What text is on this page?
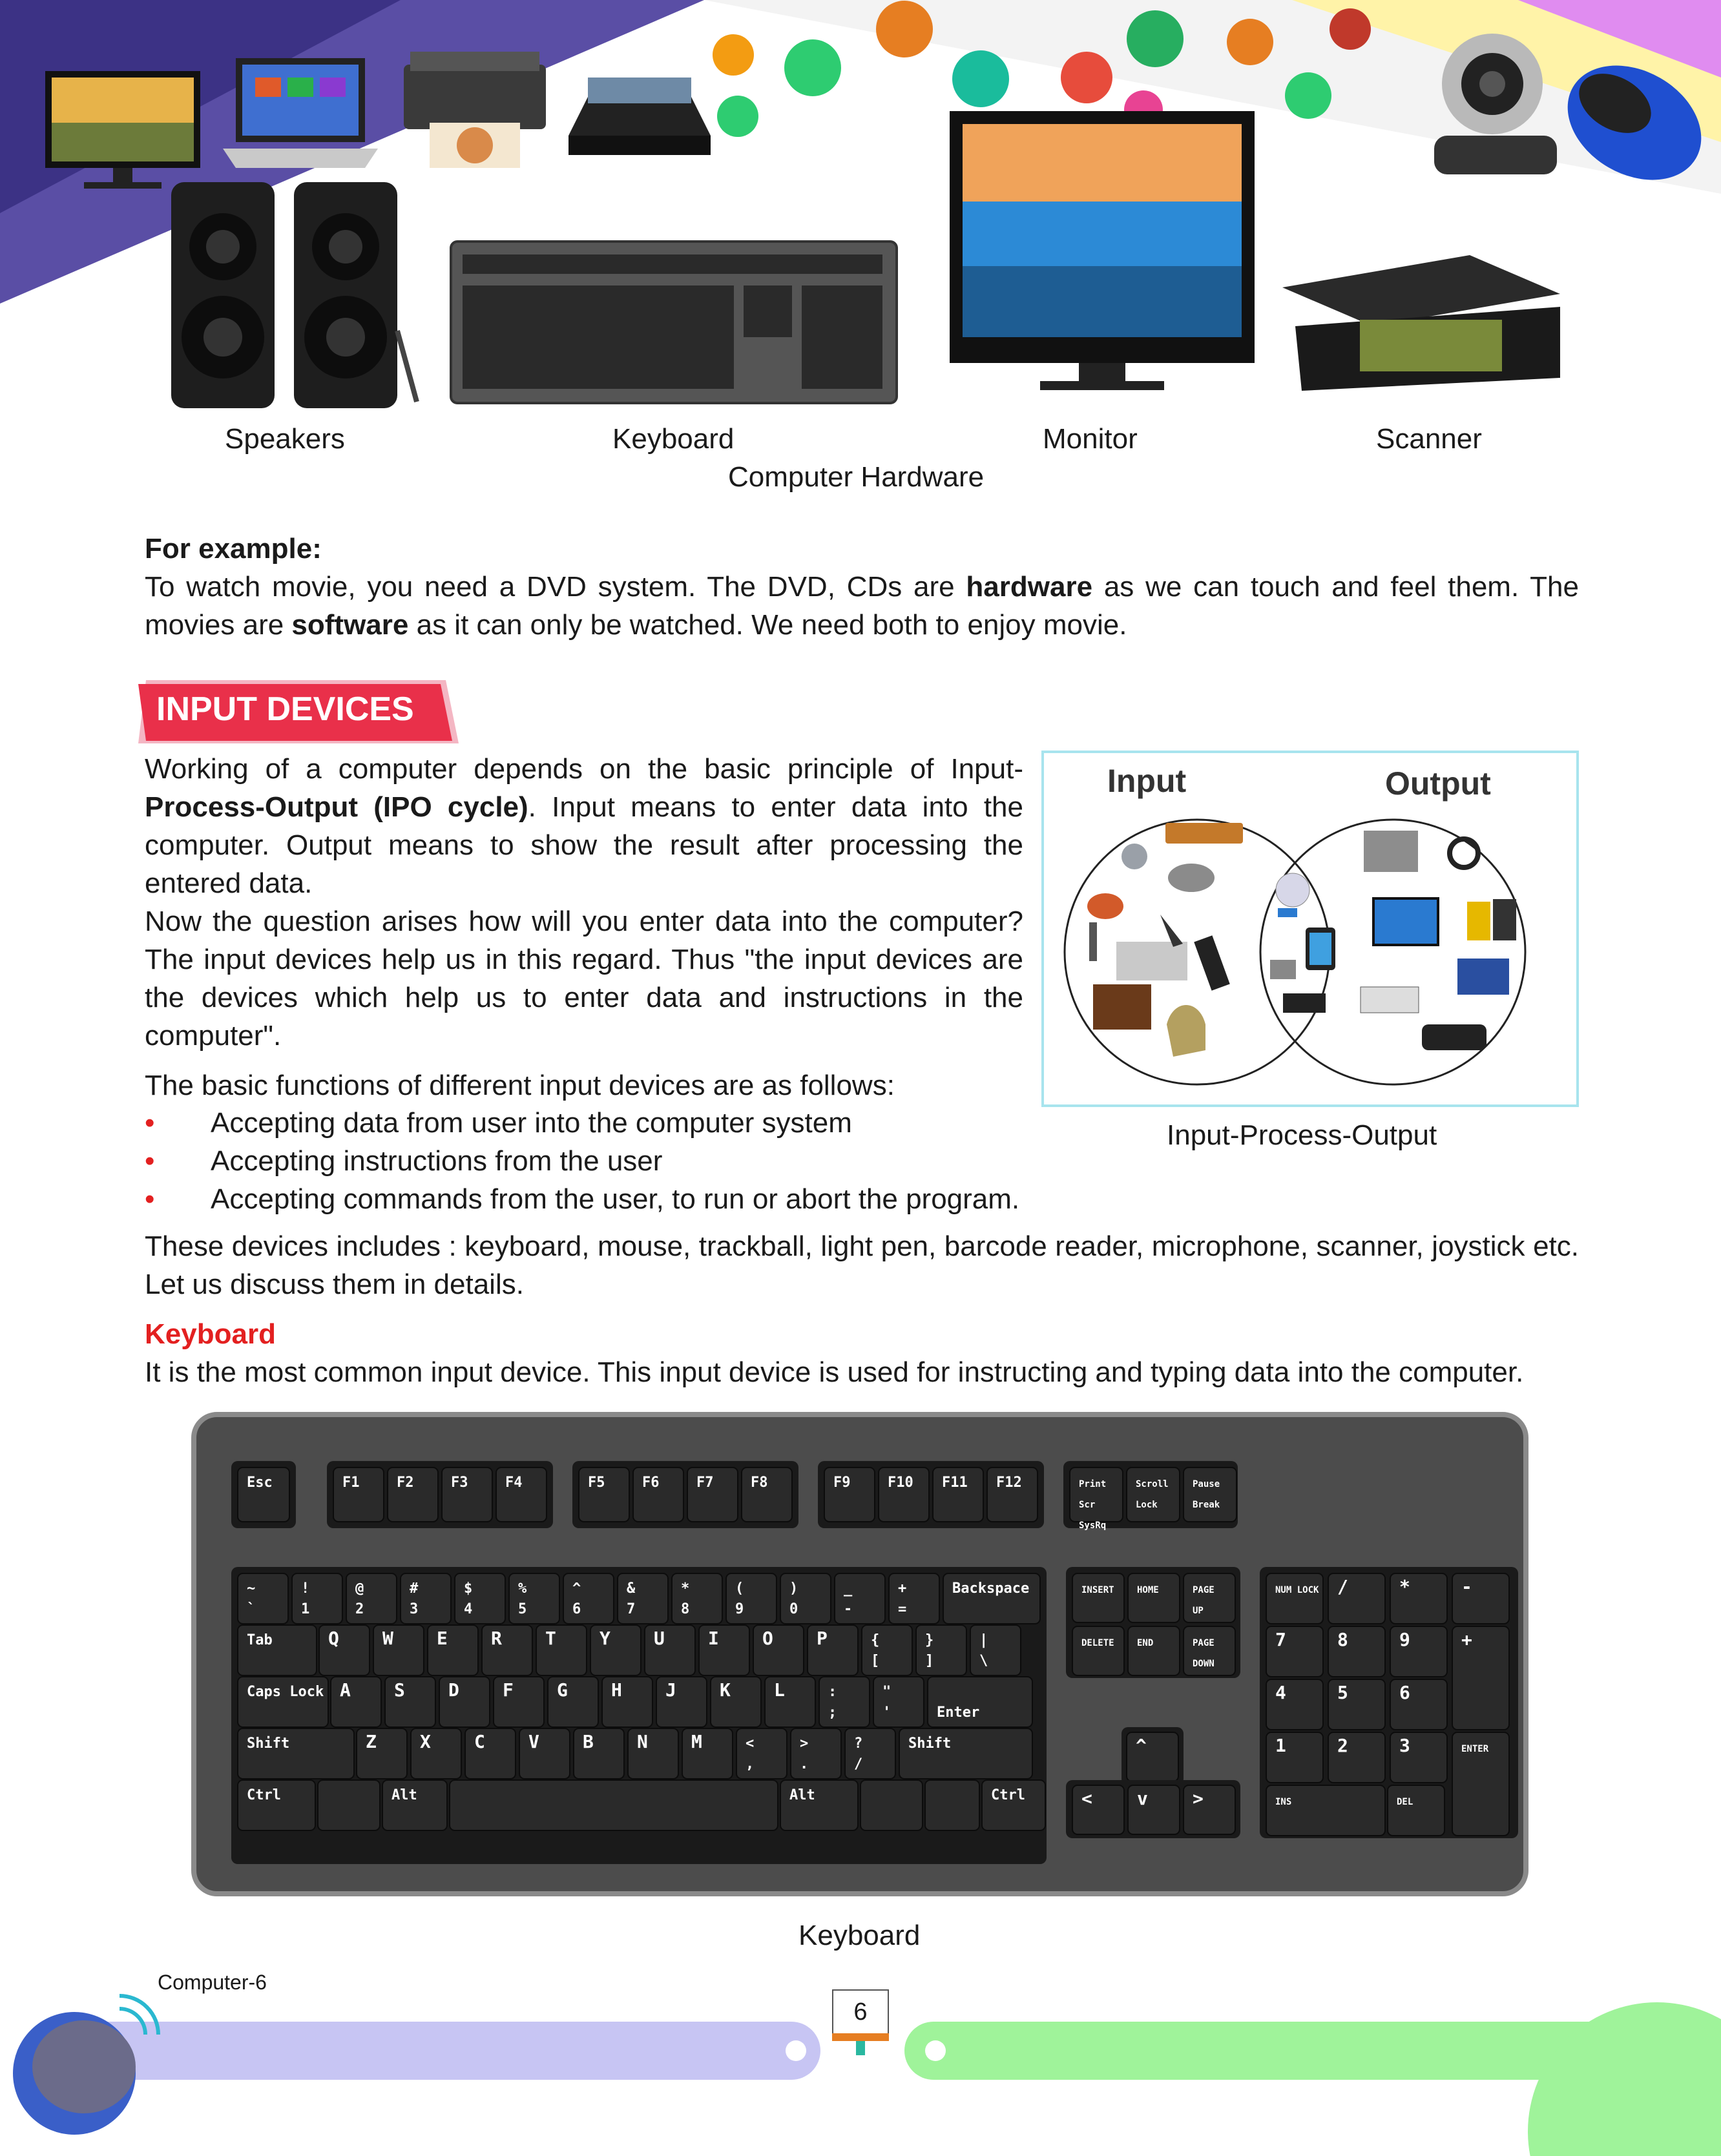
Speakers	Keyboard	Monitor	Scanner
Computer Hardware
For example:
To watch movie, you need a DVD system. The DVD, CDs are hardware as we can touch and feel them. The movies are software as it can only be watched. We need both to enjoy movie.
INPUT DEVICES
Working of a computer depends on the basic principle of Input-Process-Output (IPO cycle). Input means to enter data into the computer. Output means to show the result after processing the entered data.
Now the question arises how will you enter data into the computer? The input devices help us in this regard. Thus "the input devices are the devices which help us to enter data and instructions in the computer".
The basic functions of different input devices are as follows:
• Accepting data from user into the computer system
• Accepting instructions from the user
• Accepting commands from the user, to run or abort the program.
These devices includes : keyboard, mouse, trackball, light pen, barcode reader, microphone, scanner, joystick etc. Let us discuss them in details.
Input	Output
Input-Process-Output
Keyboard
It is the most common input device. This input device is used for instructing and typing data into the computer.
Esc	F1	F2	F3	F4	F5	F6	F7	F8	F9	F10 F11 F12	Print
Scr
SysRq
Scroll
Lock
Pause
Break
~
`
!
1
@
2
#
3
$
4
%
5
^
6
&
7
*
8
(
9
)
0
_
-
+
=
Backspace
Tab	Q W E R T Y U I O P	{
[
}
]
|
\
Caps Lock A S D F G H J K L	:
;
"
'	Enter
Shift	Z X C V B N M	<
,
>
.
?
/
Shift
Ctrl	Alt	Alt	Ctrl
INSERT	HOME	PAGE
UP
DELETE	END	PAGE
DOWN
^
< v >
NUM LOCK /	*	-
7	8	9	+
4	5	6
1	2	3	ENTER
INS	DEL
Keyboard
Computer-6
6
